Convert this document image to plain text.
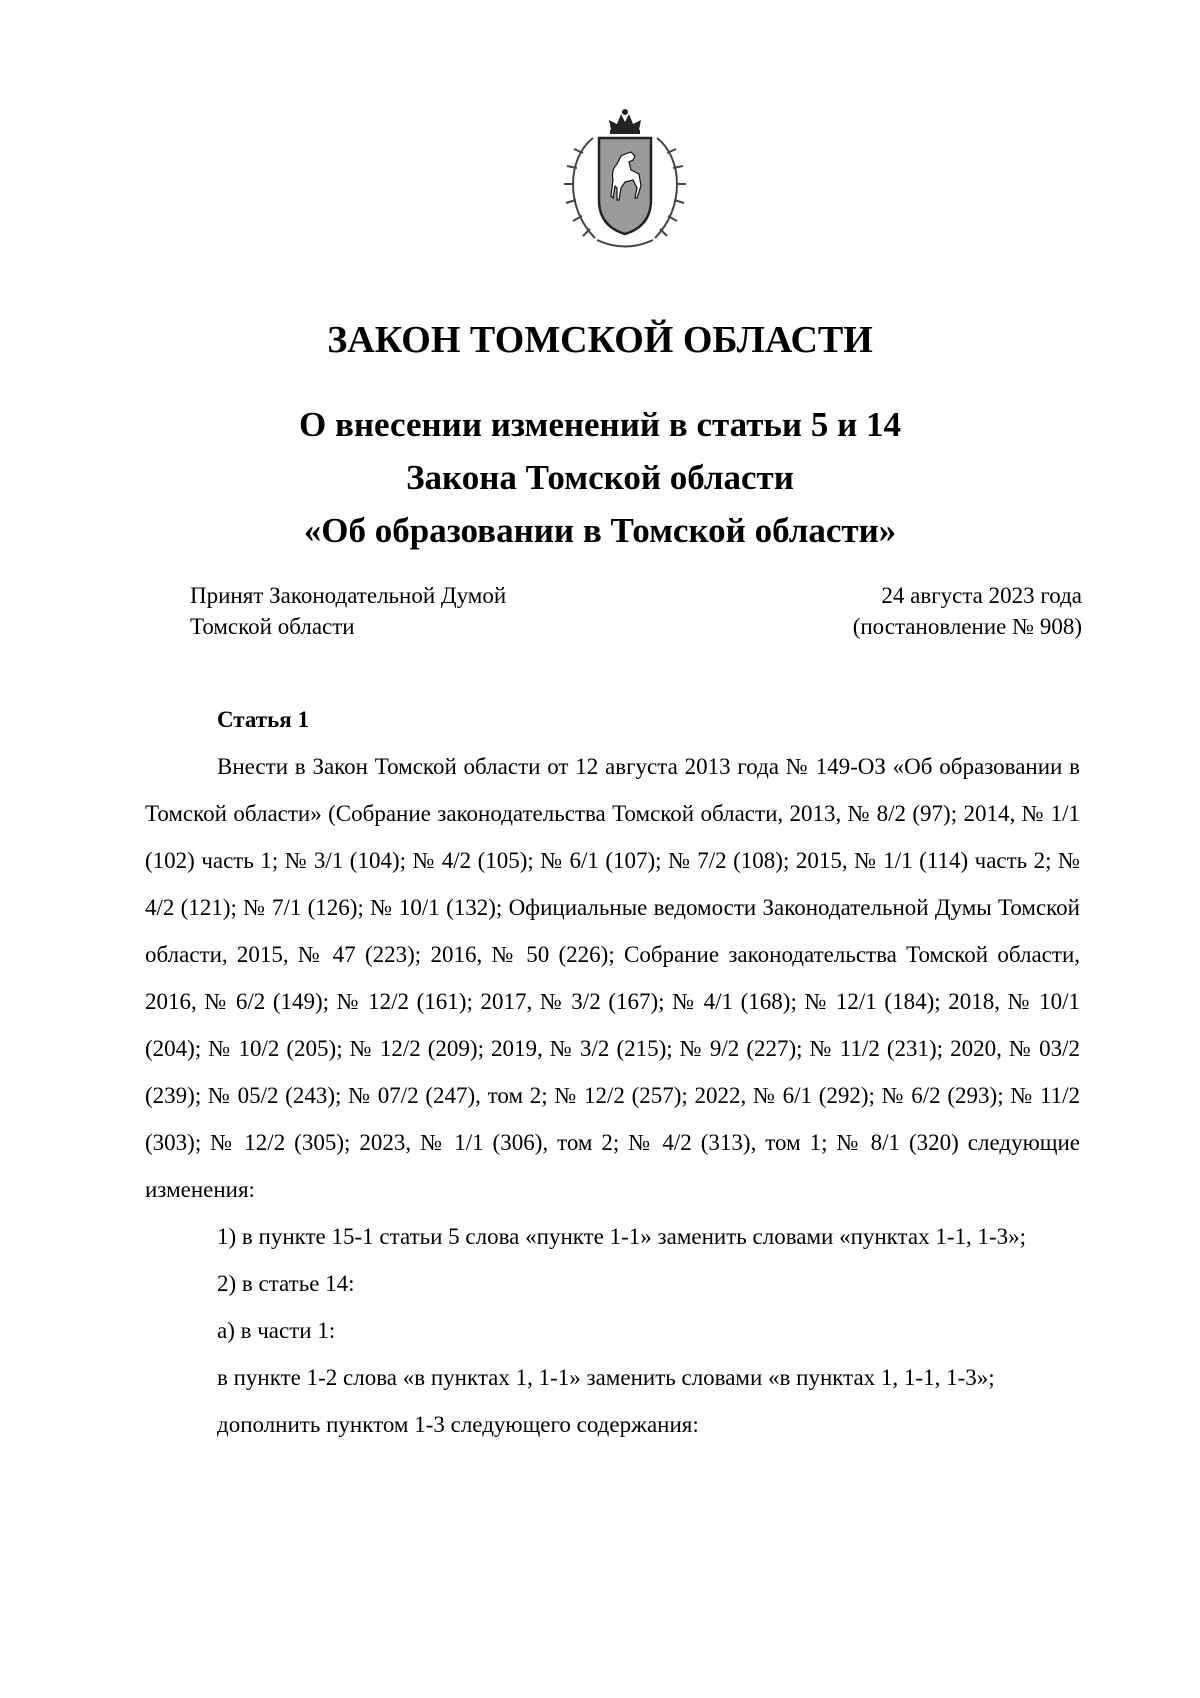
ЗАКОН ТОМСКОЙ ОБЛАСТИ
О внесении изменений в статьи 5 и 14
Закона Томской области
«Об образовании в Томской области»
Принят Законодательной Думой
Томской области
24 августа 2023 года
(постановление № 908)

Статья 1

Внести в Закон Томской области от 12 августа 2013 года № 149-ОЗ «Об образовании в Томской области» (Собрание законодательства Томской области, 2013, № 8/2 (97); 2014, № 1/1 (102) часть 1; № 3/1 (104); № 4/2 (105); № 6/1 (107); № 7/2 (108); 2015, № 1/1 (114) часть 2; № 4/2 (121); № 7/1 (126); № 10/1 (132); Официальные ведомости Законодательной Думы Томской области, 2015, № 47 (223); 2016, № 50 (226); Собрание законодательства Томской области, 2016, № 6/2 (149); № 12/2 (161); 2017, № 3/2 (167); № 4/1 (168); № 12/1 (184); 2018, № 10/1 (204); № 10/2 (205); № 12/2 (209); 2019, № 3/2 (215); № 9/2 (227); № 11/2 (231); 2020, № 03/2 (239); № 05/2 (243); № 07/2 (247), том 2; № 12/2 (257); 2022, № 6/1 (292); № 6/2 (293); № 11/2 (303); № 12/2 (305); 2023, № 1/1 (306), том 2; № 4/2 (313), том 1; № 8/1 (320) следующие изменения:

1) в пункте 15-1 статьи 5 слова «пункте 1-1» заменить словами «пунктах 1-1, 1-3»;

2) в статье 14:

а) в части 1:

в пункте 1-2 слова «в пунктах 1, 1-1» заменить словами «в пунктах 1, 1-1, 1-3»;

дополнить пунктом 1-3 следующего содержания:
